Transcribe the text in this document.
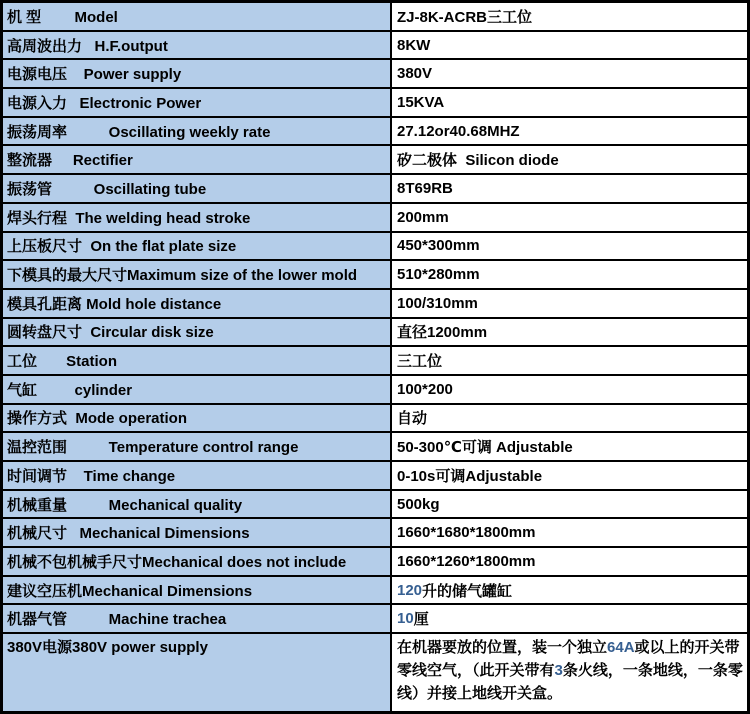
机 型        Model	ZJ-8K-ACRB三工位
高周波出力   H.F.output	8KW
电源电压    Power supply	380V
电源入力   Electronic Power	15KVA
振荡周率          Oscillating weekly rate	27.12or40.68MHZ
整流器     Rectifier	矽二极体  Silicon diode
振荡管          Oscillating tube	8T69RB
焊头行程  The welding head stroke	200mm
上压板尺寸  On the flat plate size	450*300mm
下模具的最大尺寸Maximum size of the lower mold	510*280mm
模具孔距离 Mold hole distance	100/310mm
圆转盘尺寸  Circular disk size	直径1200mm
工位       Station	三工位
气缸         cylinder	100*200
操作方式  Mode operation	自动
温控范围          Temperature control range	50-300℃可调 Adjustable
时间调节    Time change	0-10s可调Adjustable
机械重量          Mechanical quality	500kg
机械尺寸   Mechanical Dimensions	1660*1680*1800mm
机械不包机械手尺寸Mechanical does not include	1660*1260*1800mm
建议空压机Mechanical Dimensions	120 升的储气罐缸
机器气管          Machine trachea	10 厘
380V电源380V power supply	在机器要放的位置，装一个独立64A或以上的开关带零线空气，（此开关带有3条火线，一条地线，一条零线）并接上地线开关盒。
